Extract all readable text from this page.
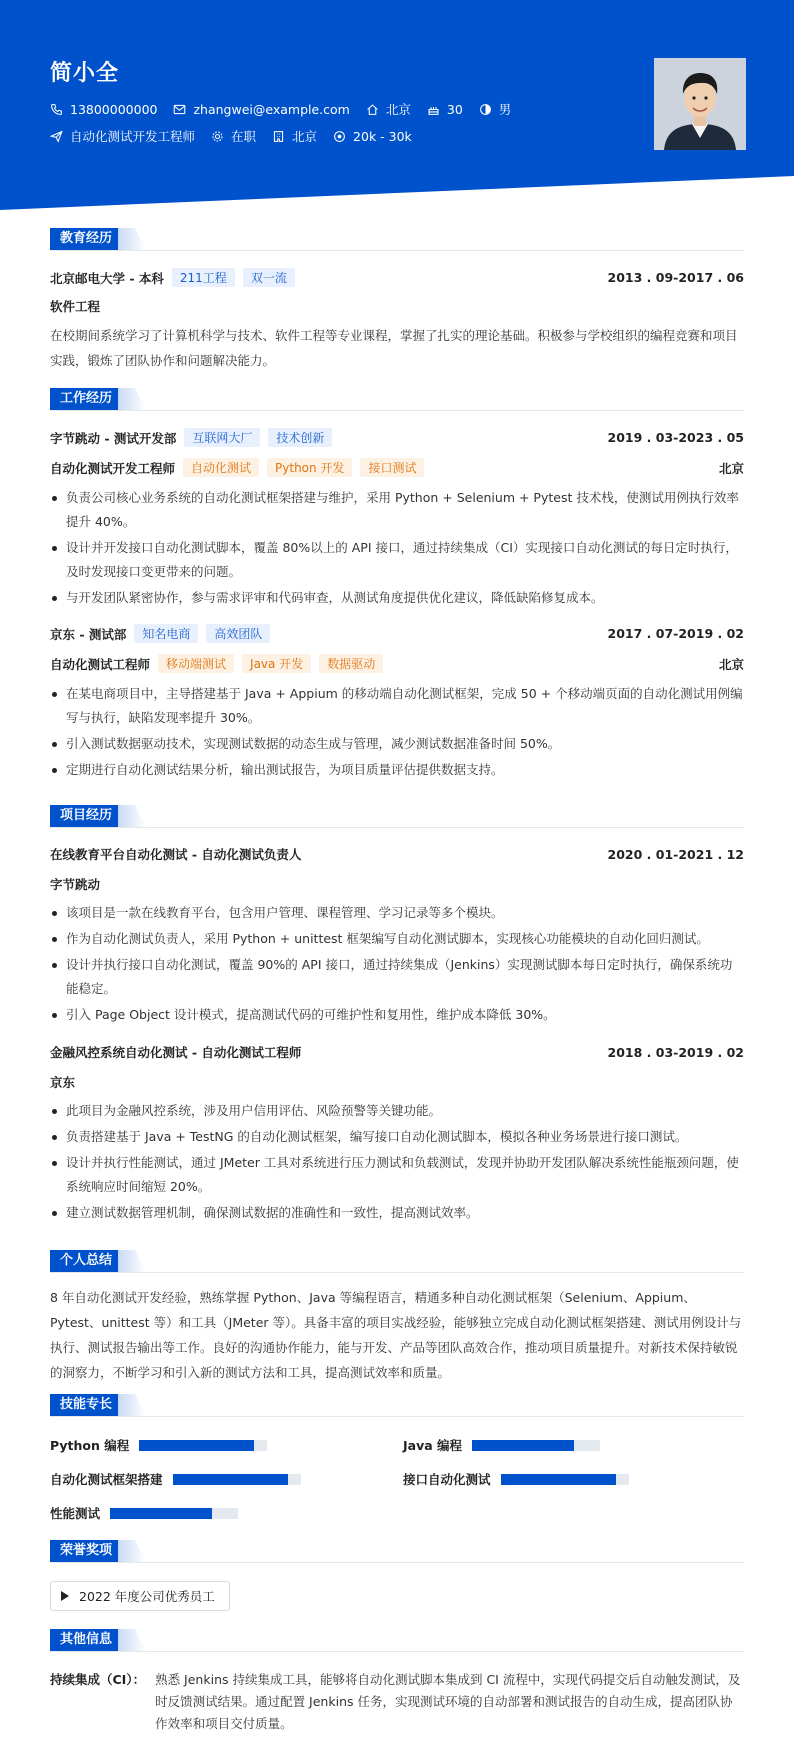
简小全
13800000000	zhangwei@example.com	北京	30	男
自动化测试开发工程师	在职	北京	20k - 30k
教育经历
北京邮电大学 - 本科	211工程	双一流	2013 . 09-2017 . 06
软件工程
在校期间系统学习了计算机科学与技术、软件工程等专业课程，掌握了扎实的理论基础。积极参与学校组织的编程竞赛和项目实践，锻炼了团队协作和问题解决能力。
工作经历
字节跳动 - 测试开发部	互联网大厂	技术创新	2019 . 03-2023 . 05
自动化测试开发工程师	自动化测试	Python 开发	接口测试	北京
负责公司核心业务系统的自动化测试框架搭建与维护，采用 Python + Selenium + Pytest 技术栈，使测试用例执行效率提升 40%。
设计并开发接口自动化测试脚本，覆盖 80%以上的 API 接口，通过持续集成（CI）实现接口自动化测试的每日定时执行，及时发现接口变更带来的问题。
与开发团队紧密协作，参与需求评审和代码审查，从测试角度提供优化建议，降低缺陷修复成本。
京东 - 测试部	知名电商	高效团队	2017 . 07-2019 . 02
自动化测试工程师	移动端测试	Java 开发	数据驱动	北京
在某电商项目中，主导搭建基于 Java + Appium 的移动端自动化测试框架，完成 50 + 个移动端页面的自动化测试用例编写与执行，缺陷发现率提升 30%。
引入测试数据驱动技术，实现测试数据的动态生成与管理，减少测试数据准备时间 50%。
定期进行自动化测试结果分析，输出测试报告，为项目质量评估提供数据支持。
项目经历
在线教育平台自动化测试 - 自动化测试负责人	2020 . 01-2021 . 12
字节跳动
该项目是一款在线教育平台，包含用户管理、课程管理、学习记录等多个模块。
作为自动化测试负责人，采用 Python + unittest 框架编写自动化测试脚本，实现核心功能模块的自动化回归测试。
设计并执行接口自动化测试，覆盖 90%的 API 接口，通过持续集成（Jenkins）实现测试脚本每日定时执行，确保系统功能稳定。
引入 Page Object 设计模式，提高测试代码的可维护性和复用性，维护成本降低 30%。
金融风控系统自动化测试 - 自动化测试工程师	2018 . 03-2019 . 02
京东
此项目为金融风控系统，涉及用户信用评估、风险预警等关键功能。
负责搭建基于 Java + TestNG 的自动化测试框架，编写接口自动化测试脚本，模拟各种业务场景进行接口测试。
设计并执行性能测试，通过 JMeter 工具对系统进行压力测试和负载测试，发现并协助开发团队解决系统性能瓶颈问题，使系统响应时间缩短 20%。
建立测试数据管理机制，确保测试数据的准确性和一致性，提高测试效率。
个人总结
8 年自动化测试开发经验，熟练掌握 Python、Java 等编程语言，精通多种自动化测试框架（Selenium、Appium、Pytest、unittest 等）和工具（JMeter 等）。具备丰富的项目实战经验，能够独立完成自动化测试框架搭建、测试用例设计与执行、测试报告输出等工作。良好的沟通协作能力，能与开发、产品等团队高效合作，推动项目质量提升。对新技术保持敏锐的洞察力，不断学习和引入新的测试方法和工具，提高测试效率和质量。
技能专长
Python 编程	Java 编程
自动化测试框架搭建	接口自动化测试
性能测试
荣誉奖项
2022 年度公司优秀员工
其他信息
持续集成（CI）： 熟悉 Jenkins 持续集成工具，能够将自动化测试脚本集成到 CI 流程中，实现代码提交后自动触发测试，及时反馈测试结果。通过配置 Jenkins 任务，实现测试环境的自动部署和测试报告的自动生成，提高团队协作效率和项目交付质量。
